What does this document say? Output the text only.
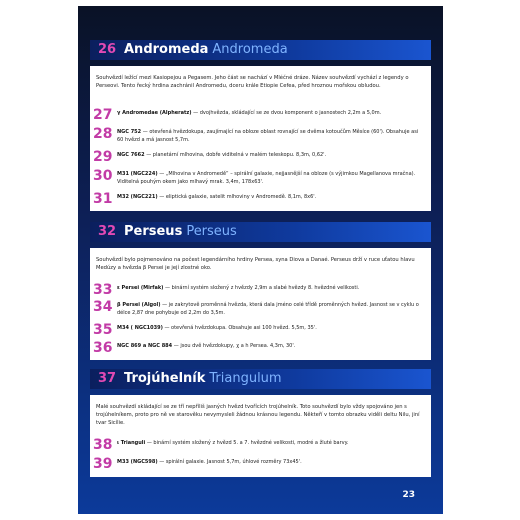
26 Andromeda Andromeda
Souhvězdí ležící mezi Kasiopejou a Pegasem. Jeho část se nachází v Mléčné dráze. Název souhvězdí vychází z legendy o Perseovi. Tento řecký hrdina zachránil Andromedu, dceru krále Etiopie Cefea, před hroznou mořskou obludou.
27 γ Andromedae (Alpheratz) — dvojhvězda, skládající se ze dvou komponent o jasnostech 2,2m a 5,0m.
28 NGC 752 — otevřená hvězdokupa, zaujímající na obloze oblast rovnající se dvěma kotoučům Měsíce (60'). Obsahuje asi 60 hvězd a má jasnost 5,7m.
29 NGC 7662 — planetární mlhovina, dobře viditelná v malém teleskopu. 8,3m, 0,62'.
30 M31 (NGC224) — „Mlhovina v Andromedě“ – spirální galaxie, nejjasnější na obloze (s výjimkou Magellanova mračna). Viditelná pouhým okem jako mlhavý mrak. 3,4m, 178x63'.
31 M32 (NGC221) — eliptická galaxie, satelit mlhoviny v Andromedě. 8,1m, 8x6'.
32 Perseus Perseus
Souhvězdí bylo pojmenováno na počest legendárního hrdiny Persea, syna Diova a Danaé. Perseus drží v ruce uťatou hlavu Medúzy a hvězda β Persei je její zlostné oko.
33 ε Persei (Mirfak) — binární systém složený z hvězdy 2,9m a slabé hvězdy 8. hvězdné velikosti.
34 β Persei (Algol) — je zakrytově proměnná hvězda, která dala jméno celé třídě proměnných hvězd. Jasnost se v cyklu o délce 2,87 dne pohybuje od 2,2m do 3,5m.
35 M34 ( NGC1039) — otevřená hvězdokupa. Obsahuje asi 100 hvězd. 5,5m, 35'.
36 NGC 869 a NGC 884 — jsou dvě hvězdokupy, χ a h Persea. 4,3m, 30'.
37 Trojúhelník Triangulum
Malé souhvězdí skládající se ze tří nepříliš jasných hvězd tvořících trojúhelník. Toto souhvězdí bylo vždy spojováno jen s trojúhelníkem, proto pro ně ve starověku nevymysleli žádnou krásnou legendu. Někteří v tomto obrazku viděli deltu Nilu, jiní tvar Sicílie.
38 ι Trianguli — binární systém složený z hvězd 5. a 7. hvězdné velikosti, modré a žluté barvy.
39 M33 (NGC598) — spirální galaxie. Jasnost 5,7m, úhlové rozměry 73x45'.
23
